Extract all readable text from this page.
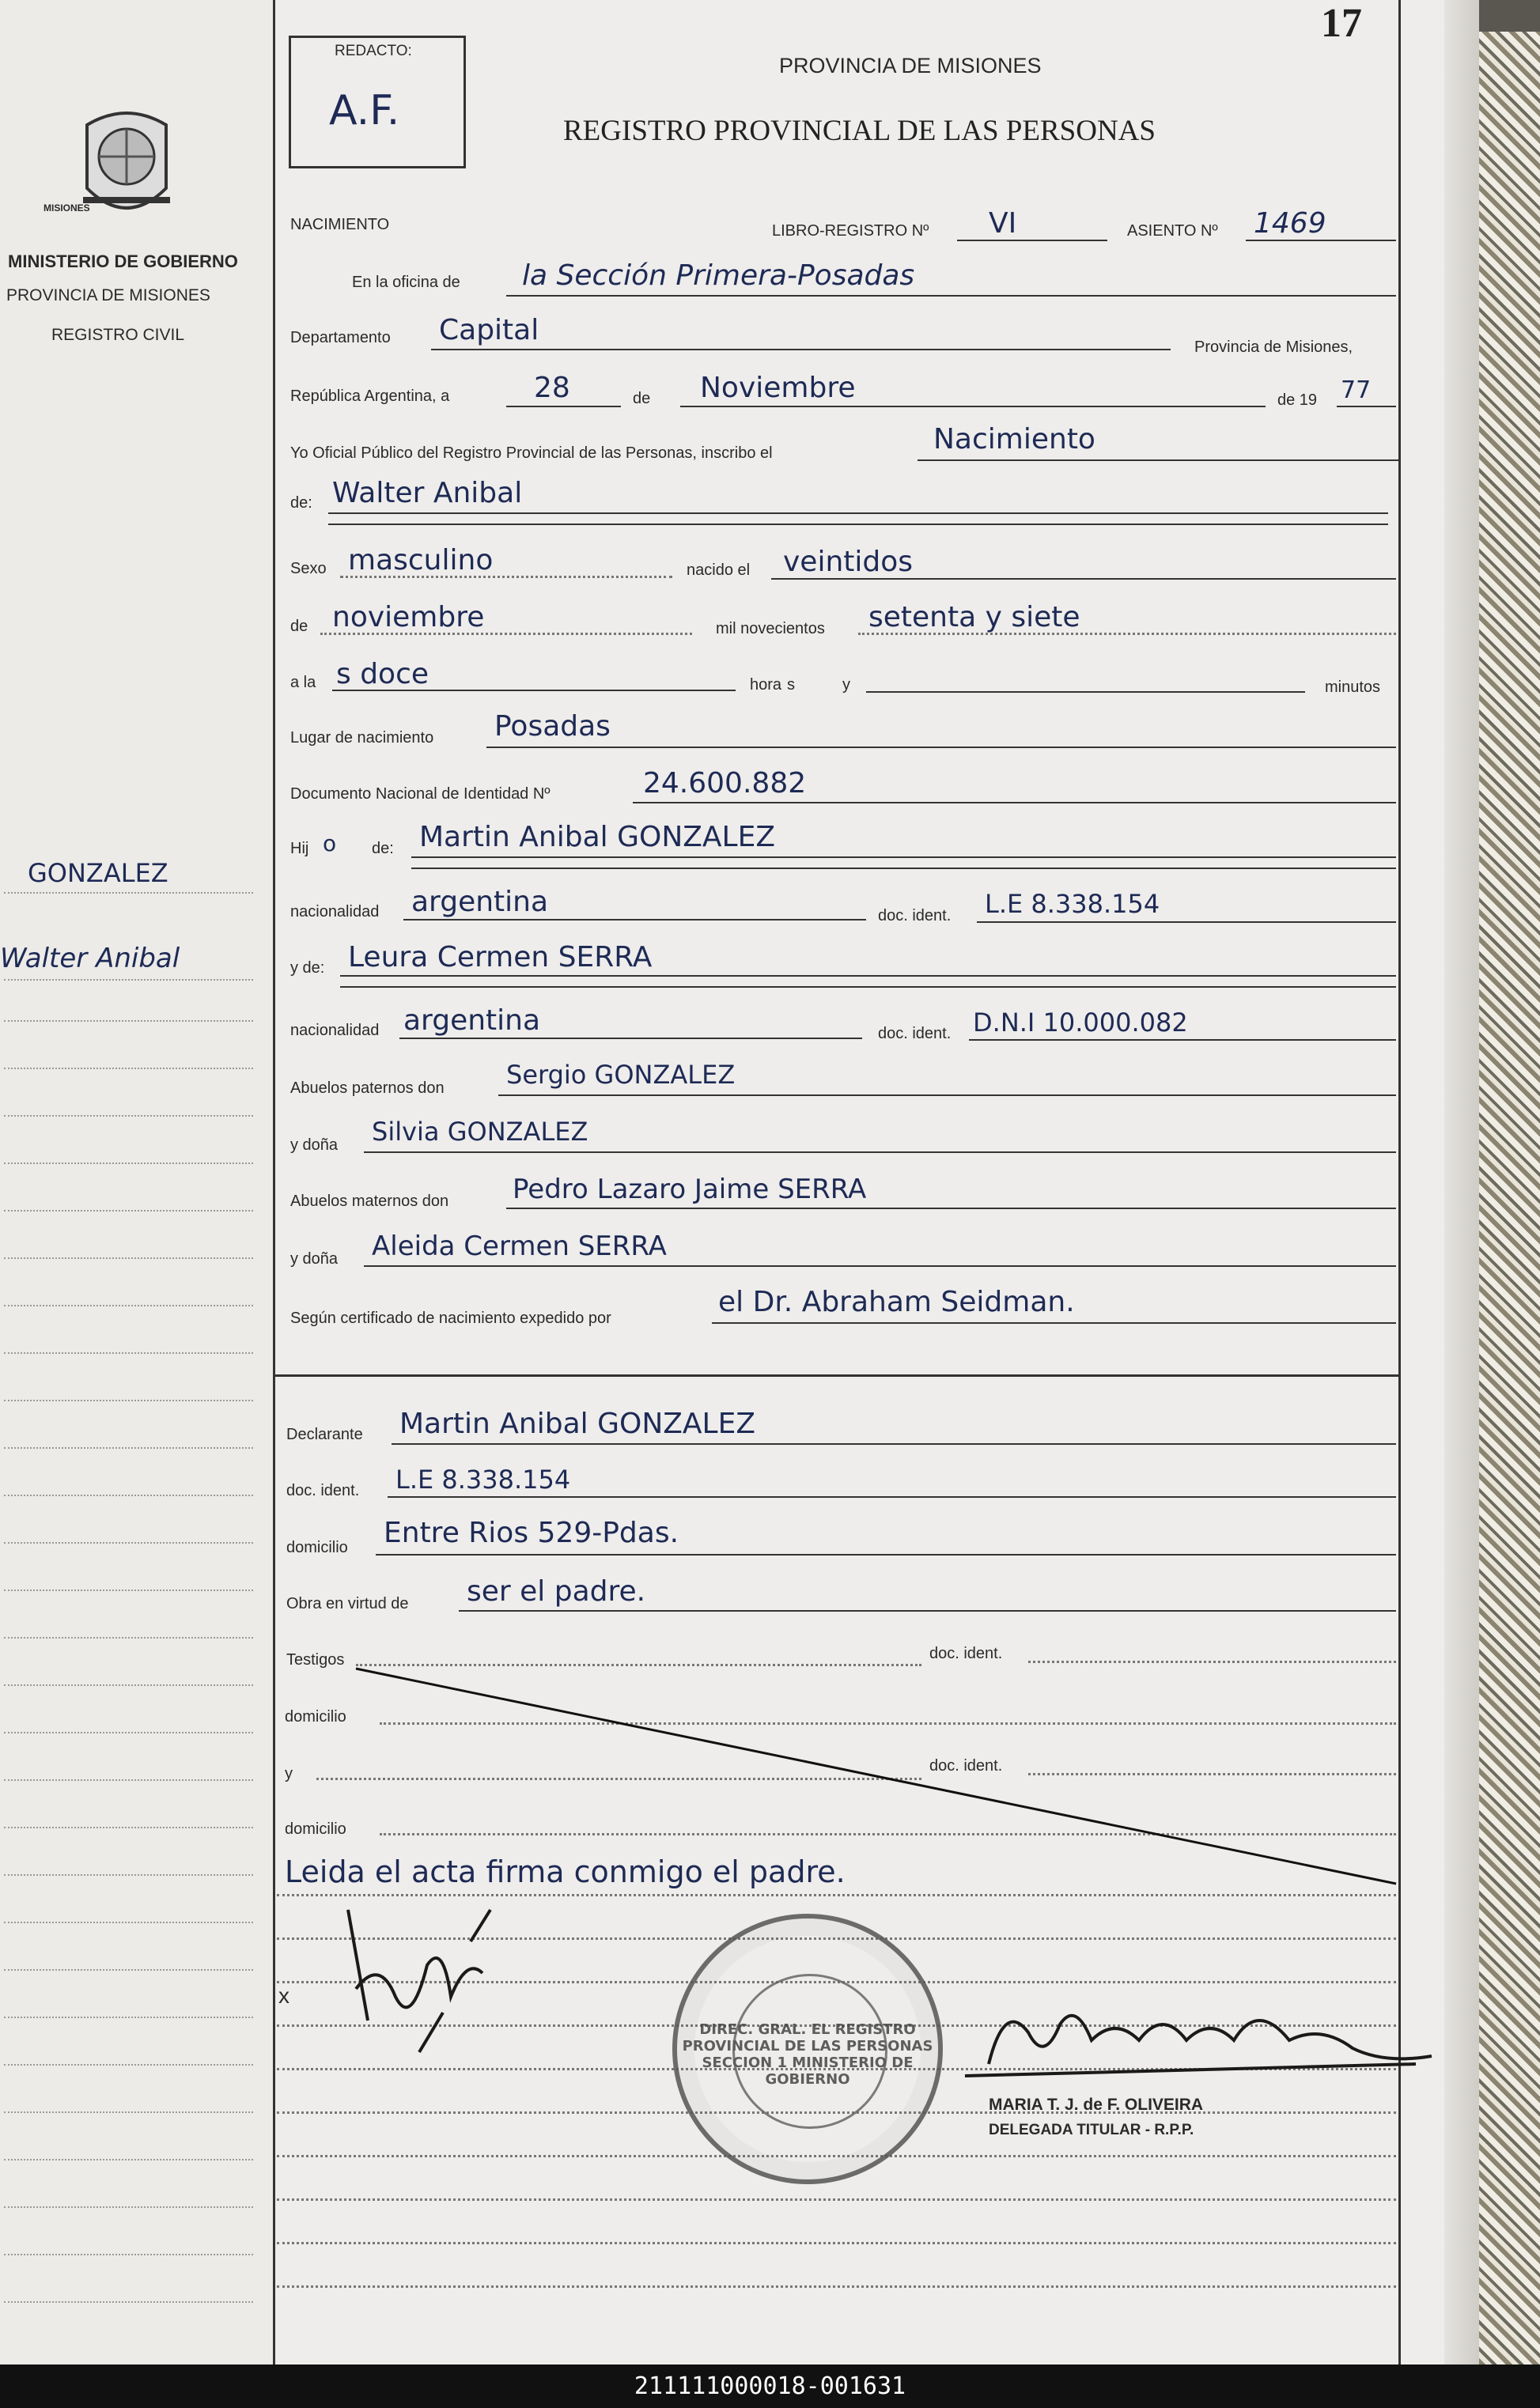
MISIONES
MINISTERIO DE GOBIERNO
PROVINCIA DE MISIONES
REGISTRO CIVIL
GONZALEZ
Walter Anibal
REDACTO:
A.F.
17
PROVINCIA DE MISIONES
REGISTRO PROVINCIAL DE LAS PERSONAS
NACIMIENTO	LIBRO-REGISTRO Nº VI	ASIENTO Nº 1469
En la oficina de la Sección Primera-Posadas
Departamento Capital
Provincia de Misiones,
República Argentina, a	28	de Noviembre	de 19 77
Yo Oficial Público del Registro Provincial de las Personas, inscribo el	Nacimiento
de: Walter Anibal
Sexo masculino	nacido el veintidos
de noviembre	mil novecientos setenta y siete
a la s doce	hora s	y	minutos
Lugar de nacimiento Posadas
Documento Nacional de Identidad Nº	24.600.882
Hij o de: Martin Anibal GONZALEZ
nacionalidad argentina	doc. ident. L.E 8.338.154
y de: Leura Cermen SERRA
nacionalidad argentina	doc. ident. D.N.I 10.000.082
Abuelos paternos don Sergio GONZALEZ
y doña Silvia GONZALEZ
Abuelos maternos don Pedro Lazaro Jaime SERRA
y doña Aleida Cermen SERRA
Según certificado de nacimiento expedido por	el Dr. Abraham Seidman.
Declarante Martin Anibal GONZALEZ
doc. ident. L.E 8.338.154
domicilio Entre Rios 529-Pdas.
Obra en virtud de ser el padre.
Testigos	doc. ident.
domicilio
y	doc. ident.
domicilio
Leida el acta firma conmigo el padre.
x
DIREC. GRAL. EL REGISTRO PROVINCIAL DE LAS PERSONAS SECCION 1 MINISTERIO DE GOBIERNO
MARIA T. J. de F. OLIVEIRA
DELEGADA TITULAR - R.P.P.
211111000018-001631
